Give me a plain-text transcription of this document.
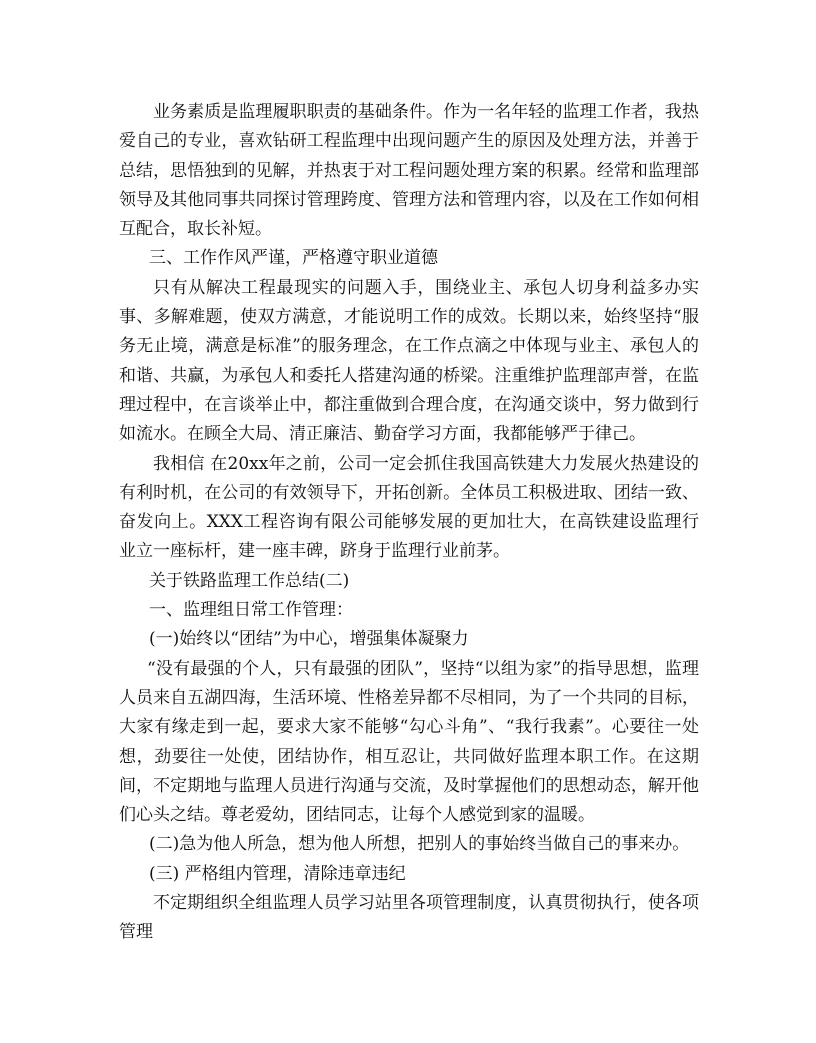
业务素质是监理履职职责的基础条件。作为一名年轻的监理工作者，我热爱自己的专业，喜欢钻研工程监理中出现问题产生的原因及处理方法，并善于总结，思悟独到的见解，并热衷于对工程问题处理方案的积累。经常和监理部领导及其他同事共同探讨管理跨度、管理方法和管理内容，以及在工作如何相互配合，取长补短。

三、工作作风严谨，严格遵守职业道德

只有从解决工程最现实的问题入手，围绕业主、承包人切身利益多办实事、多解难题，使双方满意，才能说明工作的成效。长期以来，始终坚持“服务无止境，满意是标准”的服务理念，在工作点滴之中体现与业主、承包人的和谐、共赢，为承包人和委托人搭建沟通的桥梁。注重维护监理部声誉，在监理过程中，在言谈举止中，都注重做到合理合度，在沟通交谈中，努力做到行如流水。在顾全大局、清正廉洁、勤奋学习方面，我都能够严于律己。

我相信 在20xx年之前，公司一定会抓住我国高铁建大力发展火热建设的有利时机，在公司的有效领导下，开拓创新。全体员工积极进取、团结一致、奋发向上。XXX工程咨询有限公司能够发展的更加壮大，在高铁建设监理行业立一座标杆，建一座丰碑，跻身于监理行业前茅。

关于铁路监理工作总结(二)

一、监理组日常工作管理：

(一)始终以“团结”为中心，增强集体凝聚力

“没有最强的个人，只有最强的团队”，坚持“以组为家”的指导思想，监理人员来自五湖四海，生活环境、性格差异都不尽相同，为了一个共同的目标，大家有缘走到一起，要求大家不能够“勾心斗角”、“我行我素”。心要往一处想，劲要往一处使，团结协作，相互忍让，共同做好监理本职工作。在这期间，不定期地与监理人员进行沟通与交流，及时掌握他们的思想动态，解开他们心头之结。尊老爱幼，团结同志，让每个人感觉到家的温暖。

(二)急为他人所急，想为他人所想，把别人的事始终当做自己的事来办。

(三) 严格组内管理，清除违章违纪

不定期组织全组监理人员学习站里各项管理制度，认真贯彻执行，使各项管理
